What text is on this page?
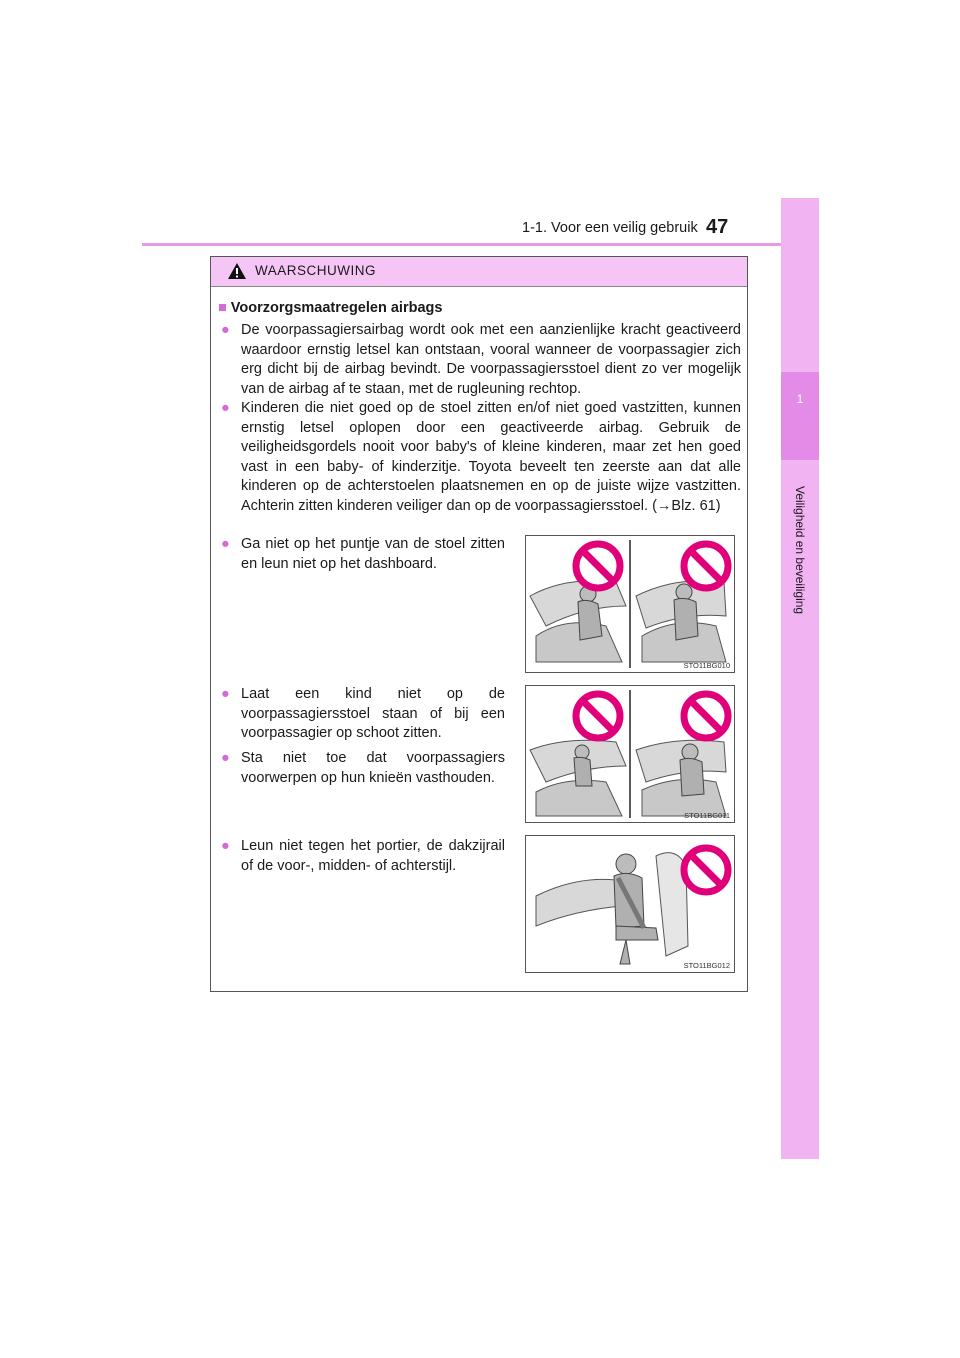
1-1. Voor een veilig gebruik 47
1
Veiligheid en beveiliging
WAARSCHUWING
■ Voorzorgsmaatregelen airbags
● De voorpassagiersairbag wordt ook met een aanzienlijke kracht geactiveerd waardoor ernstig letsel kan ontstaan, vooral wanneer de voorpassagier zich erg dicht bij de airbag bevindt. De voorpassagiersstoel dient zo ver mogelijk van de airbag af te staan, met de rugleuning rechtop.
● Kinderen die niet goed op de stoel zitten en/of niet goed vastzitten, kunnen ernstig letsel oplopen door een geactiveerde airbag. Gebruik de veiligheidsgordels nooit voor baby's of kleine kinderen, maar zet hen goed vast in een baby- of kinderzitje. Toyota beveelt ten zeerste aan dat alle kinderen op de achterstoelen plaatsnemen en op de juiste wijze vastzitten. Achterin zitten kinderen veiliger dan op de voorpassagiersstoel. (→Blz. 61)
● Ga niet op het puntje van de stoel zitten en leun niet op het dashboard.
● Laat een kind niet op de voorpassagiersstoel staan of bij een voorpassagier op schoot zitten.
● Sta niet toe dat voorpassagiers voorwerpen op hun knieën vasthouden.
● Leun niet tegen het portier, de dakzijrail of de voor-, midden- of achterstijl.
STO11BG010
STO11BG011
STO11BG012
